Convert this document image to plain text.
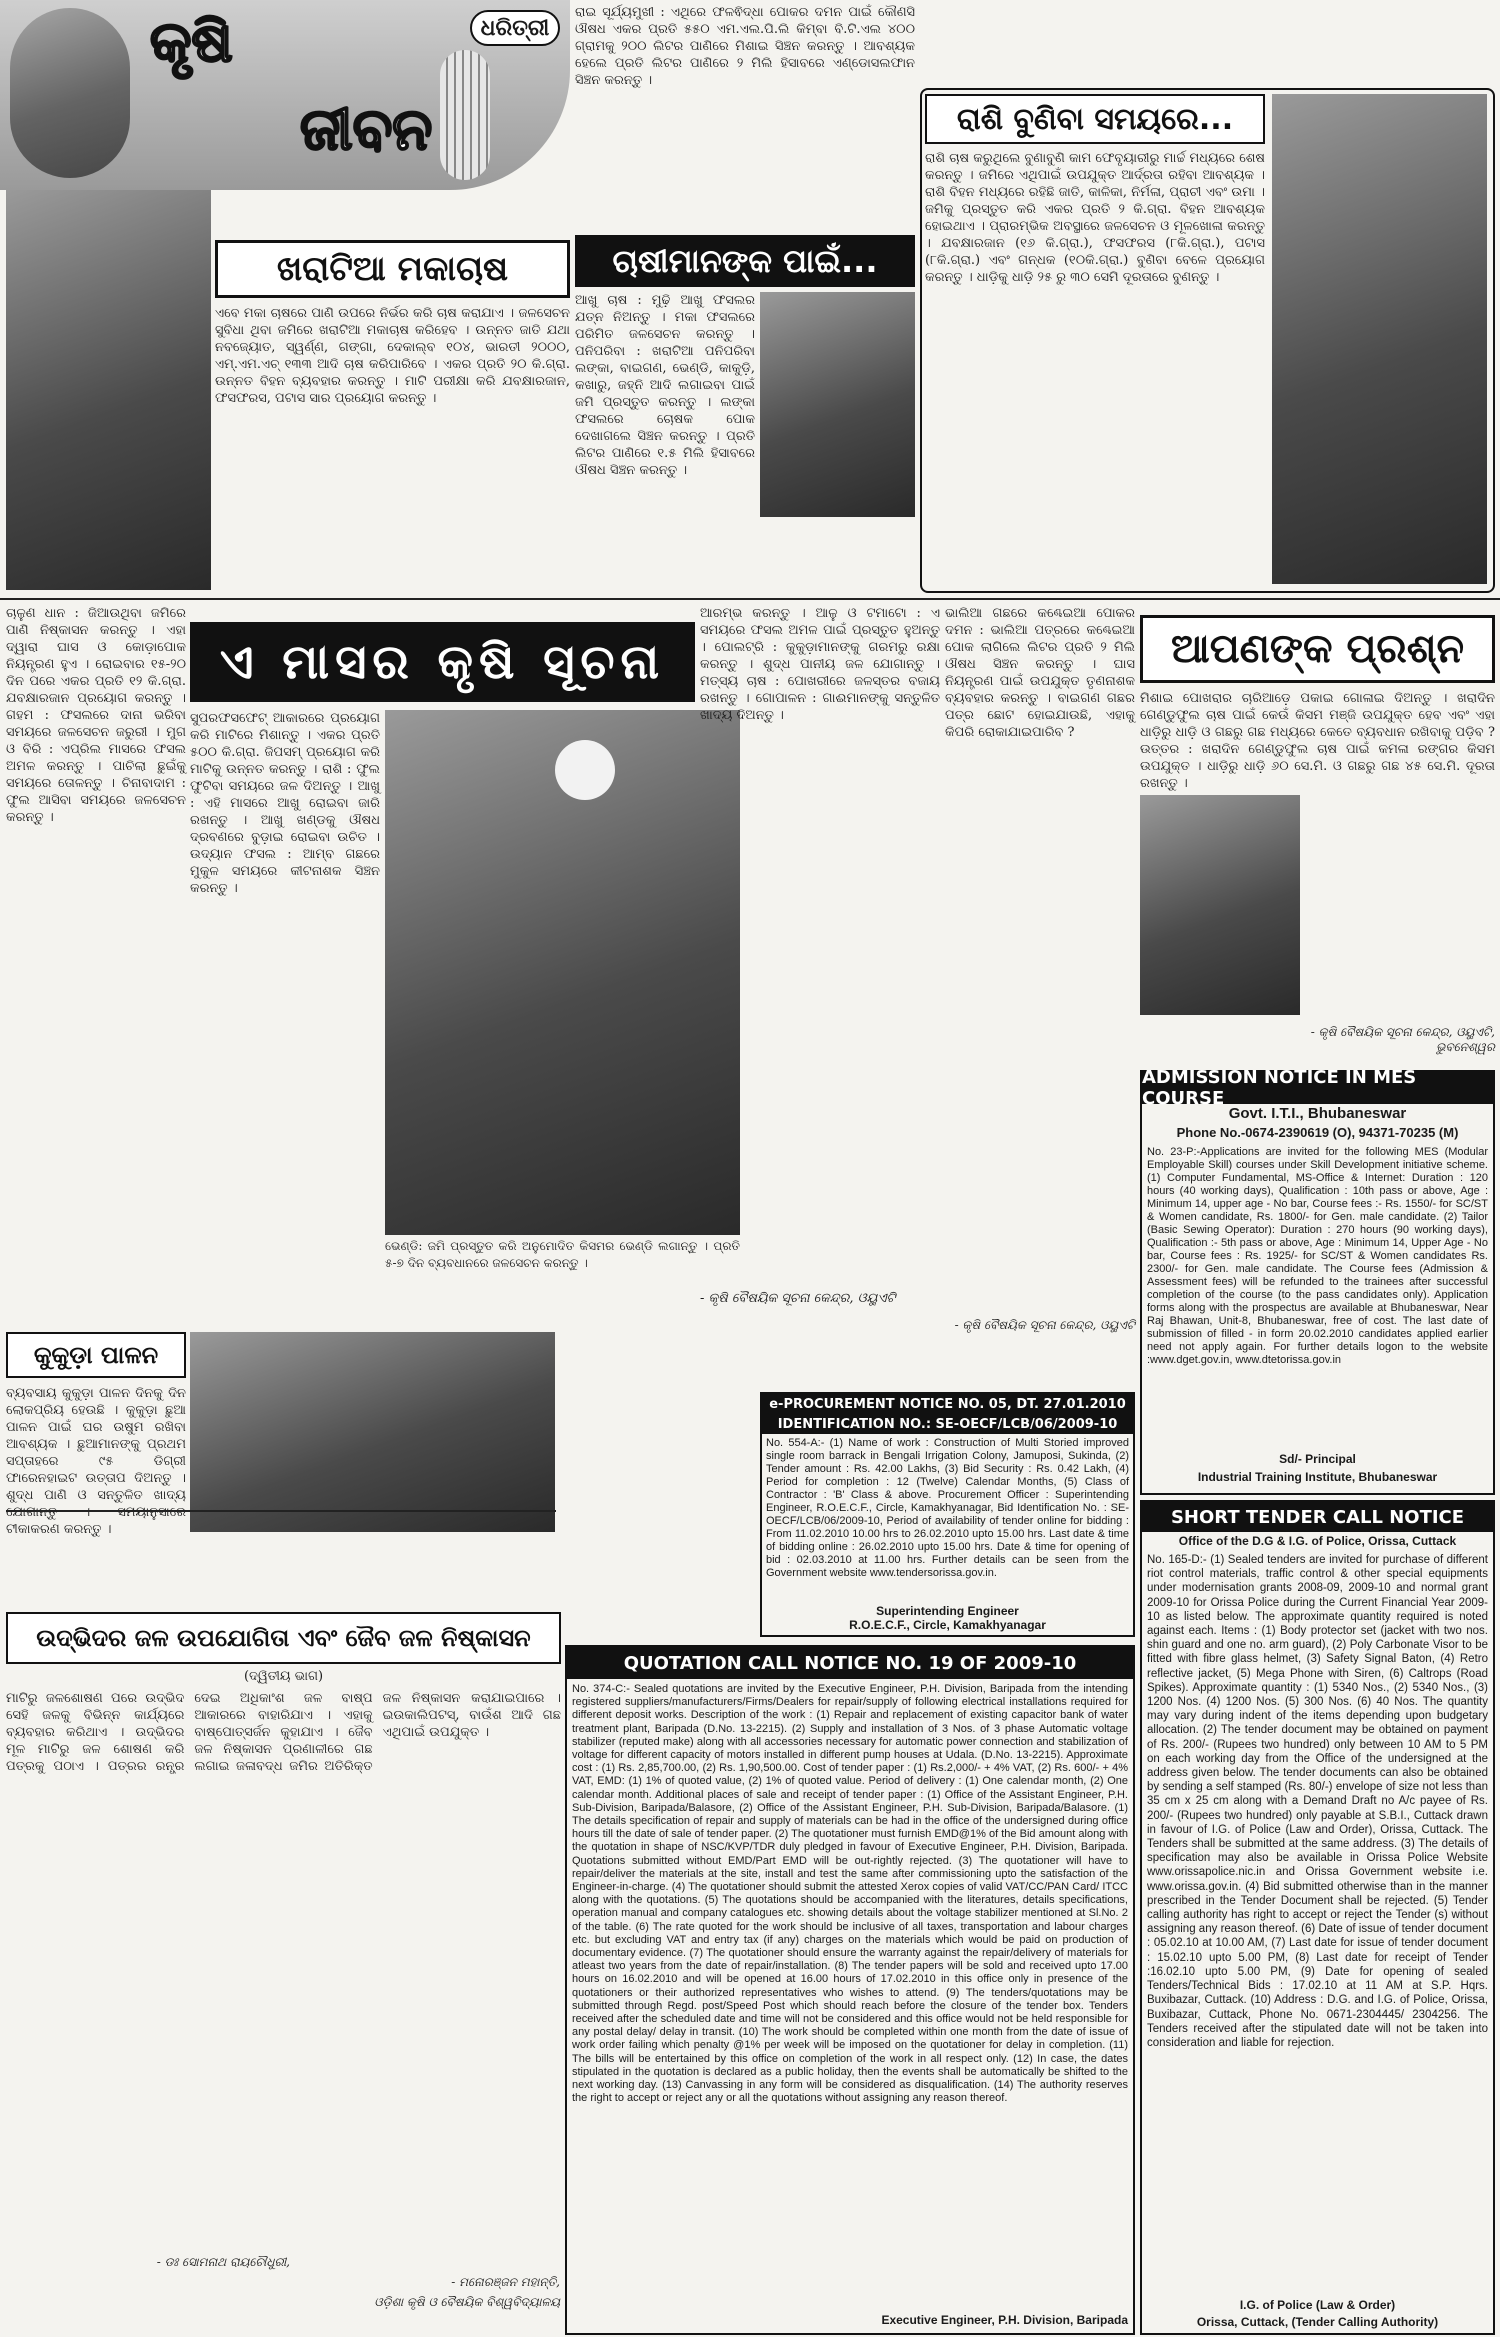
କୃଷି
ଜୀବନ
ଧରିତ୍ରୀ
ରାଇ ସୂର୍ଯ୍ୟମୁଖୀ : ଏଥିରେ ଫଳଵିଦ୍ଧା ପୋକର ଦମନ ପାଇଁ କୌଣସି ଔଷଧ ଏକର ପ୍ରତି ୫୫୦ ଏମ.ଏଲ.ପି.ଲି କିମ୍ବା ବି.ଟି.ଏଲ ୪୦୦ ଗ୍ରାମକୁ ୨୦୦ ଲିଟର ପାଣିରେ ମିଶାଇ ସିଞ୍ଚନ କରନ୍ତୁ । ଆବଶ୍ୟକ ହେଲେ ପ୍ରତି ଲିଟର ପାଣିରେ ୨ ମିଲି ହିସାବରେ ଏଣ୍ଡୋସଲଫାନ ସିଞ୍ଚନ କରନ୍ତୁ ।
ଖରାଟିଆ ମକାଚାଷ
ଏବେ ମକା ଚାଷରେ ପାଣି ଉପରେ ନିର୍ଭର କରି ଚାଷ କରାଯାଏ । ଜଳସେଚନ ସୁବିଧା ଥିବା ଜମିରେ ଖରାଟିଆ ମକାଚାଷ କରିହେବ । ଉନ୍ନତ ଜାତି ଯଥା ନବଜ୍ୟୋତ, ସ୍ୱର୍ଣ୍ଣ, ଗଙ୍ଗା, ଦେକାଲ୍ବ ୧୦୪, ଭାରତୀ ୨୦୦୦, ଏମ୍.ଏମ.ଏଚ୍ ୧୩୩ ଆଦି ଚାଷ କରିପାରିବେ । ଏକର ପ୍ରତି ୨୦ କି.ଗ୍ରା. ଉନ୍ନତ ବିହନ ବ୍ୟବହାର କରନ୍ତୁ । ମାଟି ପରୀକ୍ଷା କରି ଯବକ୍ଷାରଜାନ, ଫସଫରସ, ପଟାସ ସାର ପ୍ରୟୋଗ କରନ୍ତୁ ।
ଚାଷୀମାନଙ୍କ ପାଇଁ...
ଆଖୁ ଚାଷ : ମୁଢ଼ି ଆଖୁ ଫସଲର ଯତ୍ନ ନିଅନ୍ତୁ । ମକା ଫସଲରେ ପରିମିତ ଜଳସେଚନ କରନ୍ତୁ । ପନିପରିବା : ଖରାଟିଆ ପନିପରିବା ଲଙ୍କା, ବାଇଗଣ, ଭେଣ୍ଡି, କାକୁଡ଼ି, କଖାରୁ, ଜହ୍ନି ଆଦି ଲଗାଇବା ପାଇଁ ଜମି ପ୍ରସ୍ତୁତ କରନ୍ତୁ । ଲଙ୍କା ଫସଲରେ ଚୋଷକ ପୋକ ଦେଖାଗଲେ ସିଞ୍ଚନ କରନ୍ତୁ । ପ୍ରତି ଲିଟର ପାଣିରେ ୧.୫ ମିଲି ହିସାବରେ ଔଷଧ ସିଞ୍ଚନ କରନ୍ତୁ ।
ରାଶି ବୁଣିବା ସମୟରେ...
ରାଶି ଚାଷ କରୁଥିଲେ ବୁଣାବୁଣି କାମ ଫେବୃୟାରୀରୁ ମାର୍ଚ୍ଚ ମଧ୍ୟରେ ଶେଷ କରନ୍ତୁ । ଜମିରେ ଏଥିପାଇଁ ଉପଯୁକ୍ତ ଆର୍ଦ୍ରତା ରହିବା ଆବଶ୍ୟକ । ରାଶି ବିହନ ମଧ୍ୟରେ ରହିଛି ଜାତି, କାଳିକା, ନିର୍ମଳା, ପ୍ରାଚୀ ଏବଂ ଉମା । ଜମିକୁ ପ୍ରସ୍ତୁତ କରି ଏକର ପ୍ରତି ୨ କି.ଗ୍ରା. ବିହନ ଆବଶ୍ୟକ ହୋଇଥାଏ । ପ୍ରାରମ୍ଭିକ ଅବସ୍ଥାରେ ଜଳସେଚନ ଓ ମୂଳଖୋଳା କରନ୍ତୁ । ଯବକ୍ଷାରଜାନ (୧୬ କି.ଗ୍ରା.), ଫସଫରସ (୮କି.ଗ୍ରା.), ପଟାସ (୮କି.ଗ୍ରା.) ଏବଂ ଗନ୍ଧକ (୧୦କି.ଗ୍ରା.) ବୁଣିବା ବେଳେ ପ୍ରୟୋଗ କରନ୍ତୁ । ଧାଡ଼ିକୁ ଧାଡ଼ି ୨୫ ରୁ ୩୦ ସେମି ଦୂରତାରେ ବୁଣନ୍ତୁ ।
ଚାଳୁଣ ଧାନ : ଜିଆଉଥିବା ଜମିରେ ପାଣି ନିଷ୍କାସନ କରନ୍ତୁ । ଏହା ଦ୍ୱାରା ଘାସ ଓ କୋଡ଼ାପୋକ ନିୟନ୍ତ୍ରଣ ହୁଏ । ରୋଇବାର ୧୫-୨୦ ଦିନ ପରେ ଏକର ପ୍ରତି ୧୨ କି.ଗ୍ରା. ଯବକ୍ଷାରଜାନ ପ୍ରୟୋଗ କରନ୍ତୁ । ଗହମ : ଫସଲରେ ଦାନା ଭରିବା ସମୟରେ ଜଳସେଚନ ଜରୁରୀ । ମୁଗ ଓ ବିରି : ଏପ୍ରିଲ ମାସରେ ଫସଲ ଅମଳ କରନ୍ତୁ । ପାଚିଲା ଛୁଇଁକୁ ସମୟରେ ତୋଳନ୍ତୁ । ଚିନାବାଦାମ : ଫୁଲ ଆସିବା ସମୟରେ ଜଳସେଚନ କରନ୍ତୁ ।
ଏ ମାସର କୃଷି ସୂଚନା
ସୁପରଫସଫେଟ୍ ଆକାରରେ ପ୍ରୟୋଗ କରି ମାଟିରେ ମିଶାନ୍ତୁ । ଏକର ପ୍ରତି ୫୦୦ କି.ଗ୍ରା. ଜିପସମ୍ ପ୍ରୟୋଗ କରି ମାଟିକୁ ଉନ୍ନତ କରନ୍ତୁ । ରାଶି : ଫୁଲ ଫୁଟିବା ସମୟରେ ଜଳ ଦିଅନ୍ତୁ । ଆଖୁ : ଏହି ମାସରେ ଆଖୁ ରୋଇବା ଜାରି ରଖନ୍ତୁ । ଆଖୁ ଖଣ୍ଡକୁ ଔଷଧ ଦ୍ରବଣରେ ବୁଡ଼ାଇ ରୋଇବା ଉଚିତ । ଉଦ୍ୟାନ ଫସଲ : ଆମ୍ବ ଗଛରେ ମୁକୁଳ ସମୟରେ କୀଟନାଶକ ସିଞ୍ଚନ କରନ୍ତୁ ।
ଭେଣ୍ଡି: ଜମି ପ୍ରସ୍ତୁତ କରି ଅନୁମୋଦିତ କିସମର ଭେଣ୍ଡି ଲଗାନ୍ତୁ । ପ୍ରତି ୫-୭ ଦିନ ବ୍ୟବଧାନରେ ଜଳସେଚନ କରନ୍ତୁ ।
ଆରମ୍ଭ କରନ୍ତୁ । ଆଳୁ ଓ ଟମାଟୋ : ଏ ସମୟରେ ଫସଲ ଅମଳ ପାଇଁ ପ୍ରସ୍ତୁତ ହୁଅନ୍ତୁ । ପୋଲଟ୍ରି : କୁକୁଡ଼ାମାନଙ୍କୁ ଗରମରୁ ରକ୍ଷା କରନ୍ତୁ । ଶୁଦ୍ଧ ପାନୀୟ ଜଳ ଯୋଗାନ୍ତୁ । ମତ୍ସ୍ୟ ଚାଷ : ପୋଖରୀରେ ଜଳସ୍ତର ବଜାୟ ରଖନ୍ତୁ । ଗୋପାଳନ : ଗାଈମାନଙ୍କୁ ସନ୍ତୁଳିତ ଖାଦ୍ୟ ଦିଅନ୍ତୁ ।
- କୃଷି ବୈଷୟିକ ସୂଚନା କେନ୍ଦ୍ର, ଓୟୁଏଟି
ଭାଲିଆ ଗଛରେ କଣ୍ଢେଇଆ ପୋକର ଦମନ : ଭାଲିଆ ପତ୍ରରେ କଣ୍ଢେଇଆ ପୋକ ଲାଗିଲେ ଲିଟର ପ୍ରତି ୨ ମିଲି ଔଷଧ ସିଞ୍ଚନ କରନ୍ତୁ । ଘାସ ନିୟନ୍ତ୍ରଣ ପାଇଁ ଉପଯୁକ୍ତ ତୃଣନାଶକ ବ୍ୟବହାର କରନ୍ତୁ । ବାଇଗଣ ଗଛର ପତ୍ର ଛୋଟ ହୋଇଯାଉଛି, ଏହାକୁ କିପରି ରୋକାଯାଇପାରିବ ?
- କୃଷି ବୈଷୟିକ ସୂଚନା କେନ୍ଦ୍ର, ଓୟୁଏଟି
ଆପଣଙ୍କ ପ୍ରଶ୍ନ
ମିଶାଇ ପୋଖରାର ଚାରିଆଡ଼େ ପକାଇ ଗୋଳାଇ ଦିଅନ୍ତୁ । ଖରାଦିନ ଗେଣ୍ଡୁଫୁଲ ଚାଷ ପାଇଁ କେଉଁ କିସମ ମଞ୍ଜି ଉପଯୁକ୍ତ ହେବ ଏବଂ ଏହା ଧାଡ଼ିରୁ ଧାଡ଼ି ଓ ଗଛରୁ ଗଛ ମଧ୍ୟରେ କେତେ ବ୍ୟବଧାନ ରଖିବାକୁ ପଡ଼ିବ ? ଉତ୍ତର : ଖରାଦିନ ଗେଣ୍ଡୁଫୁଲ ଚାଷ ପାଇଁ କମଳା ରଙ୍ଗର କିସମ ଉପଯୁକ୍ତ । ଧାଡ଼ିରୁ ଧାଡ଼ି ୬୦ ସେ.ମି. ଓ ଗଛରୁ ଗଛ ୪୫ ସେ.ମି. ଦୂରତା ରଖନ୍ତୁ ।
- କୃଷି ବୈଷୟିକ ସୂଚନା କେନ୍ଦ୍ର, ଓୟୁଏଟି, ଭୁବନେଶ୍ୱର
ADMISSION NOTICE IN MES COURSE
Govt. I.T.I., Bhubaneswar
Phone No.-0674-2390619 (O), 94371-70235 (M)
No. 23-P:-Applications are invited for the following MES (Modular Employable Skill) courses under Skill Development initiative scheme. (1) Computer Fundamental, MS-Office & Internet: Duration : 120 hours (40 working days), Qualification : 10th pass or above, Age : Minimum 14, upper age - No bar, Course fees :- Rs. 1550/- for SC/ST & Women candidate, Rs. 1800/- for Gen. male candidate. (2) Tailor (Basic Sewing Operator): Duration : 270 hours (90 working days), Qualification :- 5th pass or above, Age : Minimum 14, Upper Age - No bar, Course fees : Rs. 1925/- for SC/ST & Women candidates Rs. 2300/- for Gen. male candidate. The Course fees (Admission & Assessment fees) will be refunded to the trainees after successful completion of the course (to the pass candidates only). Application forms along with the prospectus are available at Bhubaneswar, Near Raj Bhawan, Unit-8, Bhubaneswar, free of cost. The last date of submission of filled - in form 20.02.2010 candidates applied earlier need not apply again. For further details logon to the website :www.dget.gov.in, www.dtetorissa.gov.in
Sd/- Principal
Industrial Training Institute, Bhubaneswar
କୁକୁଡ଼ା ପାଳନ
ବ୍ୟବସାୟ କୁକୁଡ଼ା ପାଳନ ଦିନକୁ ଦିନ ଲୋକପ୍ରିୟ ହେଉଛି । କୁକୁଡ଼ା ଛୁଆ ପାଳନ ପାଇଁ ଘର ଉଷୁମ ରଖିବା ଆବଶ୍ୟକ । ଛୁଆମାନଙ୍କୁ ପ୍ରଥମ ସପ୍ତାହରେ ୯୫ ଡିଗ୍ରୀ ଫାରେନହାଇଟ ଉତ୍ତାପ ଦିଅନ୍ତୁ । ଶୁଦ୍ଧ ପାଣି ଓ ସନ୍ତୁଳିତ ଖାଦ୍ୟ ଯୋଗାନ୍ତୁ । ସମୟାନୁସାରେ ଟୀକାକରଣ କରନ୍ତୁ ।
ଉଦ୍ଭିଦର ଜଳ ଉପଯୋଗିତା ଏବଂ ଜୈବ ଜଳ ନିଷ୍କାସନ
(ଦ୍ୱିତୀୟ ଭାଗ)
ମାଟିରୁ ଜଳଶୋଷଣ ପରେ ଉଦ୍ଭିଦ ସେହି ଜଳକୁ ବିଭିନ୍ନ କାର୍ଯ୍ୟରେ ବ୍ୟବହାର କରିଥାଏ । ଉଦ୍ଭିଦର ମୂଳ ମାଟିରୁ ଜଳ ଶୋଷଣ କରି ପତ୍ରକୁ ପଠାଏ । ପତ୍ରର ରନ୍ଧ୍ର ଦେଇ ଅଧିକାଂଶ ଜଳ ବାଷ୍ପ ଆକାରରେ ବାହାରିଯାଏ । ଏହାକୁ ବାଷ୍ପୋତ୍ସର୍ଜନ କୁହାଯାଏ । ଜୈବ ଜଳ ନିଷ୍କାସନ ପ୍ରଣାଳୀରେ ଗଛ ଲଗାଇ ଜଳାବଦ୍ଧ ଜମିର ଅତିରିକ୍ତ ଜଳ ନିଷ୍କାସନ କରାଯାଇପାରେ । ଇଉକାଲିପଟସ୍, ବାଉଁଶ ଆଦି ଗଛ ଏଥିପାଇଁ ଉପଯୁକ୍ତ ।
- ଡଃ ସୋମନାଥ ରାୟଚୌଧୁରୀ,
- ମନୋରଞ୍ଜନ ମହାନ୍ତି,
ଓଡ଼ିଶା କୃଷି ଓ ବୈଷୟିକ ବିଶ୍ୱବିଦ୍ୟାଳୟ
e-PROCUREMENT NOTICE NO. 05, DT. 27.01.2010
IDENTIFICATION NO.: SE-OECF/LCB/06/2009-10
No. 554-A:- (1) Name of work : Construction of Multi Storied improved single room barrack in Bengali Irrigation Colony, Jamuposi, Sukinda, (2) Tender amount : Rs. 42.00 Lakhs, (3) Bid Security : Rs. 0.42 Lakh, (4) Period for completion : 12 (Twelve) Calendar Months, (5) Class of Contractor : 'B' Class & above. Procurement Officer : Superintending Engineer, R.O.E.C.F., Circle, Kamakhyanagar, Bid Identification No. : SE-OECF/LCB/06/2009-10, Period of availability of tender online for bidding : From 11.02.2010 10.00 hrs to 26.02.2010 upto 15.00 hrs. Last date & time of bidding online : 26.02.2010 upto 15.00 hrs. Date & time for opening of bid : 02.03.2010 at 11.00 hrs. Further details can be seen from the Government website www.tendersorissa.gov.in.
Superintending Engineer
R.O.E.C.F., Circle, Kamakhyanagar
QUOTATION CALL NOTICE NO. 19 OF 2009-10
No. 374-C:- Sealed quotations are invited by the Executive Engineer, P.H. Division, Baripada from the intending registered suppliers/manufacturers/Firms/Dealers for repair/supply of following electrical installations required for different deposit works. Description of the work : (1) Repair and replacement of existing capacitor bank of water treatment plant, Baripada (D.No. 13-2215). (2) Supply and installation of 3 Nos. of 3 phase Automatic voltage stabilizer (reputed make) along with all accessories necessary for automatic power connection and stabilization of voltage for different capacity of motors installed in different pump houses at Udala. (D.No. 13-2215). Approximate cost : (1) Rs. 2,85,700.00, (2) Rs. 1,90,500.00. Cost of tender paper : (1) Rs.2,000/- + 4% VAT, (2) Rs. 600/- + 4% VAT, EMD: (1) 1% of quoted value, (2) 1% of quoted value. Period of delivery : (1) One calendar month, (2) One calendar month. Additional places of sale and receipt of tender paper : (1) Office of the Assistant Engineer, P.H. Sub-Division, Baripada/Balasore, (2) Office of the Assistant Engineer, P.H. Sub-Division, Baripada/Balasore. (1) The details specification of repair and supply of materials can be had in the office of the undersigned during office hours till the date of sale of tender paper. (2) The quotationer must furnish EMD@1% of the Bid amount along with the quotation in shape of NSC/KVP/TDR duly pledged in favour of Executive Engineer, P.H. Division, Baripada. Quotations submitted without EMD/Part EMD will be out-rightly rejected. (3) The quotationer will have to repair/deliver the materials at the site, install and test the same after commissioning upto the satisfaction of the Engineer-in-charge. (4) The quotationer should submit the attested Xerox copies of valid VAT/CC/PAN Card/ ITCC along with the quotations. (5) The quotations should be accompanied with the literatures, details specifications, operation manual and company catalogues etc. showing details about the voltage stabilizer mentioned at Sl.No. 2 of the table. (6) The rate quoted for the work should be inclusive of all taxes, transportation and labour charges etc. but excluding VAT and entry tax (if any) charges on the materials which would be paid on production of documentary evidence. (7) The quotationer should ensure the warranty against the repair/delivery of materials for atleast two years from the date of repair/installation. (8) The tender papers will be sold and received upto 17.00 hours on 16.02.2010 and will be opened at 16.00 hours of 17.02.2010 in this office only in presence of the quotationers or their authorized representatives who wishes to attend. (9) The tenders/quotations may be submitted through Regd. post/Speed Post which should reach before the closure of the tender box. Tenders received after the scheduled date and time will not be considered and this office would not be held responsible for any postal delay/ delay in transit. (10) The work should be completed within one month from the date of issue of work order failing which penalty @1% per week will be imposed on the quotationer for delay in completion. (11) The bills will be entertained by this office on completion of the work in all respect only. (12) In case, the dates stipulated in the quotation is declared as a public holiday, then the events shall be automatically be shifted to the next working day. (13) Canvassing in any form will be considered as disqualification. (14) The authority reserves the right to accept or reject any or all the quotations without assigning any reason thereof.
Executive Engineer, P.H. Division, Baripada
SHORT TENDER CALL NOTICE
Office of the D.G & I.G. of Police, Orissa, Cuttack
No. 165-D:- (1) Sealed tenders are invited for purchase of different riot control materials, traffic control & other special equipments under modernisation grants 2008-09, 2009-10 and normal grant 2009-10 for Orissa Police during the Current Financial Year 2009-10 as listed below. The approximate quantity required is noted against each. Items : (1) Body protector set (jacket with two nos. shin guard and one no. arm guard), (2) Poly Carbonate Visor to be fitted with fibre glass helmet, (3) Safety Signal Baton, (4) Retro reflective jacket, (5) Mega Phone with Siren, (6) Caltrops (Road Spikes). Approximate quantity : (1) 5340 Nos., (2) 5340 Nos., (3) 1200 Nos. (4) 1200 Nos. (5) 300 Nos. (6) 40 Nos. The quantity may vary during indent of the items depending upon budgetary allocation. (2) The tender document may be obtained on payment of Rs. 200/- (Rupees two hundred) only between 10 AM to 5 PM on each working day from the Office of the undersigned at the address given below. The tender documents can also be obtained by sending a self stamped (Rs. 80/-) envelope of size not less than 35 cm x 25 cm along with a Demand Draft no A/c payee of Rs. 200/- (Rupees two hundred) only payable at S.B.I., Cuttack drawn in favour of I.G. of Police (Law and Order), Orissa, Cuttack. The Tenders shall be submitted at the same address. (3) The details of specification may also be available in Orissa Police Website www.orissapolice.nic.in and Orissa Government website i.e. www.orissa.gov.in. (4) Bid submitted otherwise than in the manner prescribed in the Tender Document shall be rejected. (5) Tender calling authority has right to accept or reject the Tender (s) without assigning any reason thereof. (6) Date of issue of tender document : 05.02.10 at 10.00 AM, (7) Last date for issue of tender document : 15.02.10 upto 5.00 PM, (8) Last date for receipt of Tender :16.02.10 upto 5.00 PM, (9) Date for opening of sealed Tenders/Technical Bids : 17.02.10 at 11 AM at S.P. Hqrs. Buxibazar, Cuttack. (10) Address : D.G. and I.G. of Police, Orissa, Buxibazar, Cuttack, Phone No. 0671-2304445/ 2304256. The Tenders received after the stipulated date will not be taken into consideration and liable for rejection.
I.G. of Police (Law & Order)
Orissa, Cuttack, (Tender Calling Authority)
